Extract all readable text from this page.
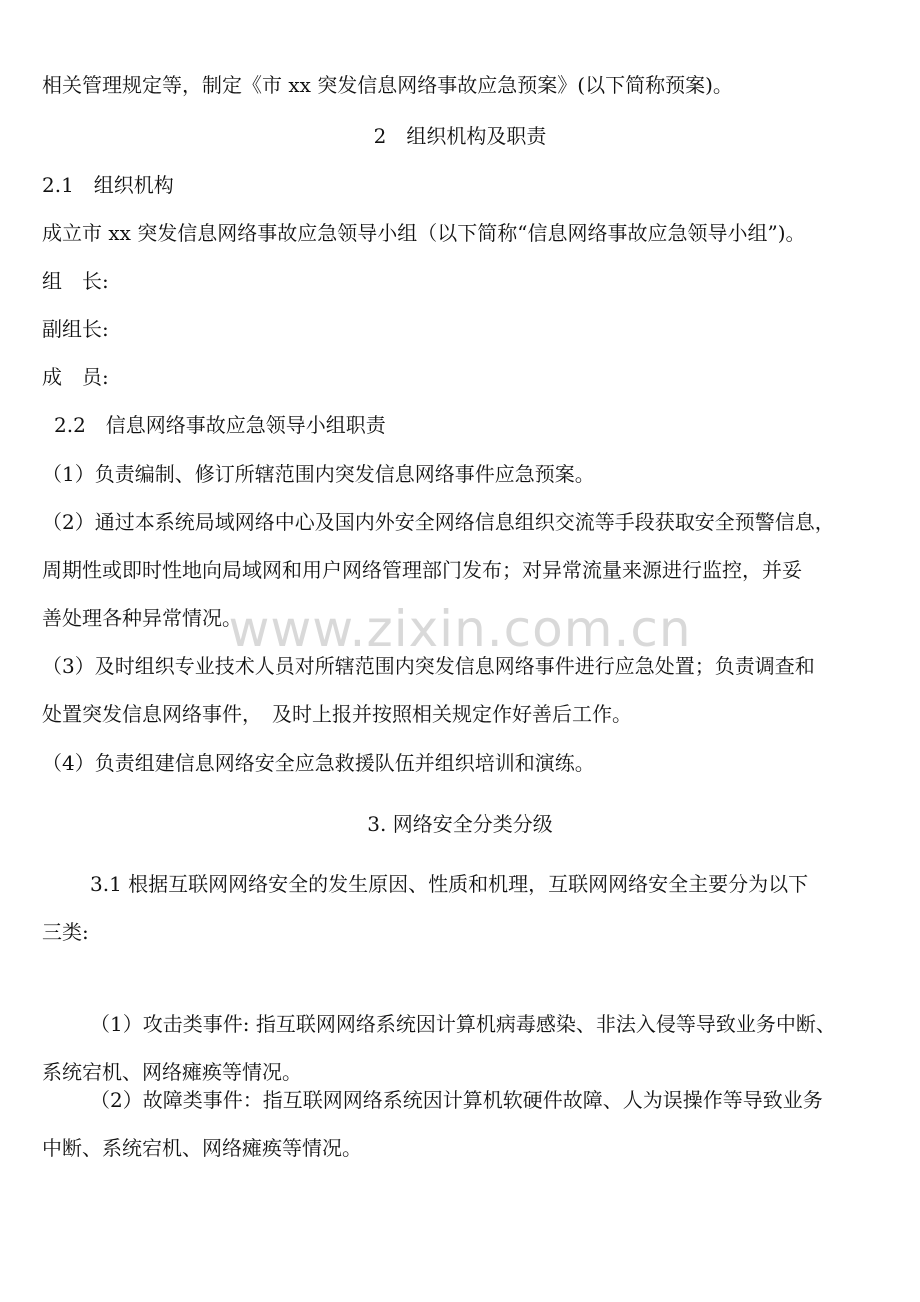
相关管理规定等，制定《市 xx 突发信息网络事故应急预案》(以下简称预案)。
2　组织机构及职责
2.1　组织机构
成立市 xx 突发信息网络事故应急领导小组（以下简称“信息网络事故应急领导小组”)。
组　长:
副组长:
成　员:
2.2　信息网络事故应急领导小组职责
（1）负责编制、修订所辖范围内突发信息网络事件应急预案。
（2）通过本系统局域网络中心及国内外安全网络信息组织交流等手段获取安全预警信息，
周期性或即时性地向局域网和用户网络管理部门发布；对异常流量来源进行监控，并妥
善处理各种异常情况。
（3）及时组织专业技术人员对所辖范围内突发信息网络事件进行应急处置；负责调查和
处置突发信息网络事件，　及时上报并按照相关规定作好善后工作。
（4）负责组建信息网络安全应急救援队伍并组织培训和演练。
3. 网络安全分类分级
3.1 根据互联网网络安全的发生原因、性质和机理，互联网网络安全主要分为以下
三类:
（1）攻击类事件: 指互联网网络系统因计算机病毒感染、非法入侵等导致业务中断、
系统宕机、网络瘫痪等情况。
（2）故障类事件：指互联网网络系统因计算机软硬件故障、人为误操作等导致业务
中断、系统宕机、网络瘫痪等情况。
www.zixin.com.cn
